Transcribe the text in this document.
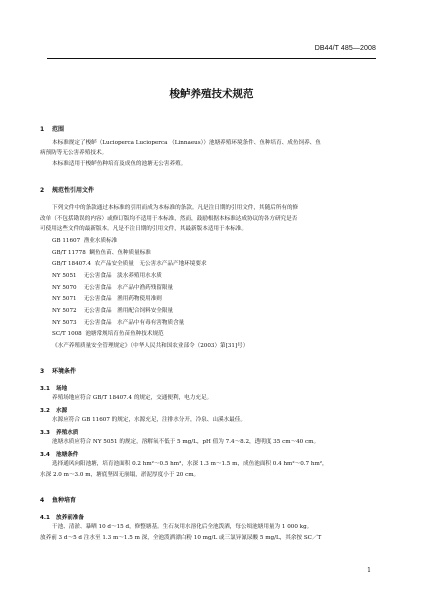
DB44/T 485—2008
梭鲈养殖技术规范
1 范围
本标准规定了梭鲈（Lucioperca Lucioperca （Linnaeus））池塘养殖环境条件、鱼种培育、成鱼饲养、鱼
病预防等无公害养殖技术。
本标准适用于梭鲈鱼种培育及成鱼的池塘无公害养殖。
2 规范性引用文件
下列文件中的条款通过本标准的引用而成为本标准的条款。凡是注日期的引用文件，其随后所有的修
改单（不包括勘误的内容）或修订版均不适用于本标准，然而，鼓励根据本标准达成协议的各方研究是否
可使用这些文件的最新版本。凡是不注日期的引用文件，其最新版本适用于本标准。
GB 11607 渔业水质标准
GB/T 11778 鲷鱼鱼苗、鱼种质量标准
GB/T 18407.4 农产品安全质量　无公害水产品产地环境要求
NY 5051 无公害食品　淡水养殖用水水质
NY 5070 无公害食品　水产品中渔药残留限量
NY 5071 无公害食品　渔用药物使用准则
NY 5072 无公害食品　渔用配合饲料安全限量
NY 5073 无公害食品　水产品中有毒有害物质含量
SC/T 1008 池塘常规培育鱼苗鱼种技术规范
《水产养殖质量安全管理规定》（中华人民共和国农业部令（2003）第[31]号）
3 环境条件
3.1 场地
养殖场地应符合 GB/T 18407.4 的规定，交通便利，电力充足。
3.2 水源
水源应符合 GB 11607 的规定，水源充足，注排水分开，冷泉、山溪水最佳。
3.3 养殖水质
池塘水质应符合 NY 5051 的规定，溶解氧不低于 5 mg/L，pH 值为 7.4～8.2，透明度 35 cm～40 cm。
3.4 池塘条件
选择通风向阳池塘，培育池面积 0.2 hm²～0.5 hm²，水深 1.3 m～1.5 m，成鱼池面积 0.4 hm²～0.7 hm²，
水深 2.0 m～3.0 m，塘底坚固无崩塌，淤泥厚度小于 20 cm。
4 鱼种培育
4.1 放养前准备
干池、清淤、暴晒 10 d～15 d，修整塘基。生石灰用水溶化后全池泼洒，每公顷池塘用量为 1 000 kg。
放养前 3 d～5 d 注水至 1.3 m～1.5 m 深，全池泼洒漂白粉 10 mg/L 或三氯异氰尿酸 5 mg/L，其余按 SC／T
1
